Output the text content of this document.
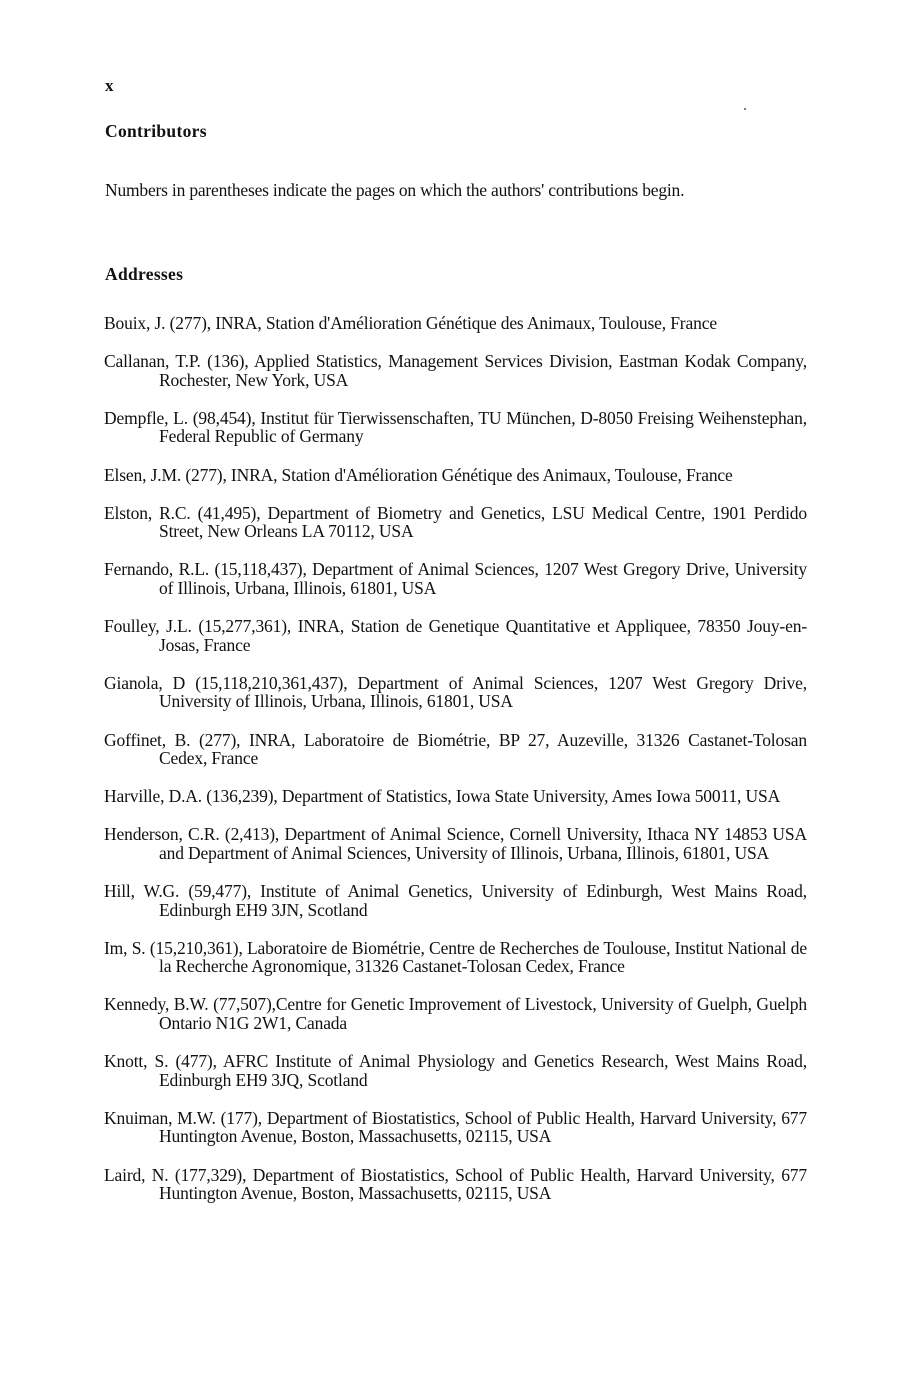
x
Contributors
Numbers in parentheses indicate the pages on which the authors' contributions begin.
Addresses
Bouix, J. (277), INRA, Station d'Amélioration Génétique des Animaux, Toulouse, France
Callanan, T.P. (136), Applied Statistics, Management Services Division, Eastman Kodak Company, Rochester, New York, USA
Dempfle, L. (98,454), Institut für Tierwissenschaften, TU München, D-8050 Freising Weihenstephan, Federal Republic of Germany
Elsen, J.M. (277), INRA, Station d'Amélioration Génétique des Animaux, Toulouse, France
Elston, R.C. (41,495), Department of Biometry and Genetics, LSU Medical Centre, 1901 Perdido Street, New Orleans LA 70112, USA
Fernando, R.L. (15,118,437), Department of Animal Sciences, 1207 West Gregory Drive, University of Illinois, Urbana, Illinois, 61801, USA
Foulley, J.L. (15,277,361), INRA, Station de Genetique Quantitative et Appliquee, 78350 Jouy-en-Josas, France
Gianola, D (15,118,210,361,437), Department of Animal Sciences, 1207 West Gregory Drive, University of Illinois, Urbana, Illinois, 61801, USA
Goffinet, B. (277), INRA, Laboratoire de Biométrie, BP 27, Auzeville, 31326 Castanet-Tolosan Cedex, France
Harville, D.A. (136,239), Department of Statistics, Iowa State University, Ames Iowa 50011, USA
Henderson, C.R. (2,413), Department of Animal Science, Cornell University, Ithaca NY 14853 USA and Department of Animal Sciences, University of Illinois, Urbana, Illinois, 61801, USA
Hill, W.G. (59,477), Institute of Animal Genetics, University of Edinburgh, West Mains Road, Edinburgh EH9 3JN, Scotland
Im, S. (15,210,361), Laboratoire de Biométrie, Centre de Recherches de Toulouse, Institut National de la Recherche Agronomique, 31326 Castanet-Tolosan Cedex, France
Kennedy, B.W. (77,507),Centre for Genetic Improvement of Livestock, University of Guelph, Guelph Ontario N1G 2W1, Canada
Knott, S. (477), AFRC Institute of Animal Physiology and Genetics Research, West Mains Road, Edinburgh EH9 3JQ, Scotland
Knuiman, M.W. (177), Department of Biostatistics, School of Public Health, Harvard University, 677 Huntington Avenue, Boston, Massachusetts, 02115, USA
Laird, N. (177,329), Department of Biostatistics, School of Public Health, Harvard University, 677 Huntington Avenue, Boston, Massachusetts, 02115, USA
